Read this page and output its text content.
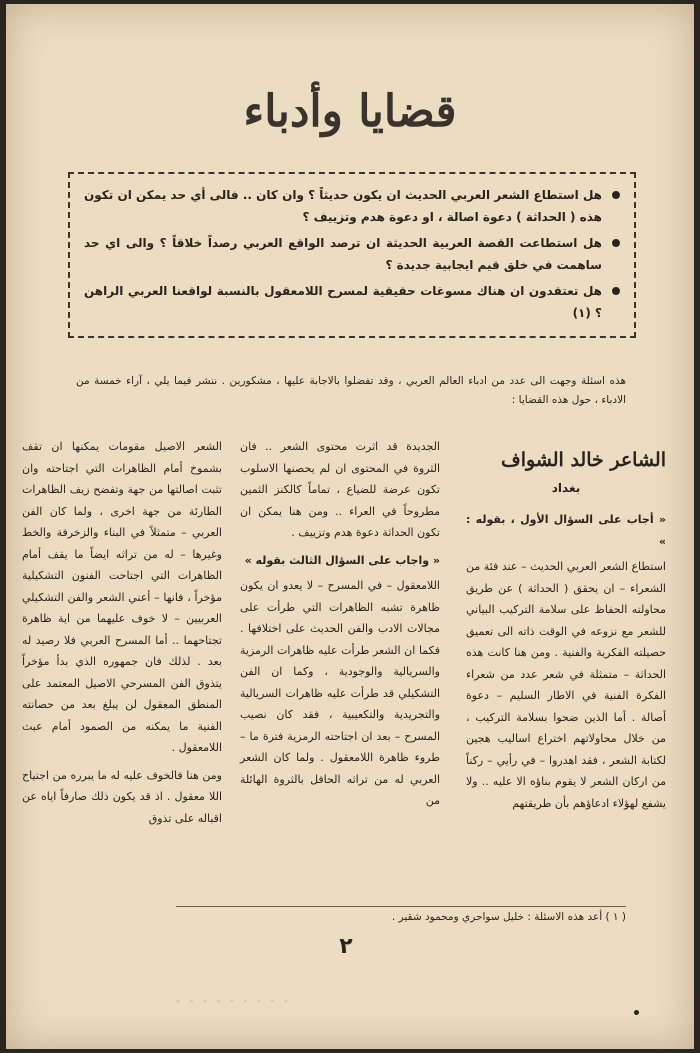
قضايا وأدباء
هل استطاع الشعر العربي الحديث ان يكون حديثاً ؟ وان كان .. فالى أي حد يمكن ان تكون هذه ( الحداثة ) دعوة اصالة ، او دعوة هدم وتزييف ؟
هل استطاعت القصة العربية الحديثة ان ترصد الواقع العربي رصداً خلاقاً ؟ والى اي حد ساهمت في خلق قيم ايجابية جديدة ؟
هل تعتقدون ان هناك مسوغات حقيقية لمسرح اللامعقول بالنسبة لواقعنا العربي الراهن ؟ (١)
هذه اسئلة وجهت الى عدد من ادباء العالم العربي ، وقد تفضلوا بالاجابة عليها ، مشكورين . ننشر فيما يلي ، آراء خمسة من الادباء ، حول هذه القضايا :
الشاعر خالد الشواف
بغداد
« أجاب على السؤال الأول ، بقوله : »

استطاع الشعر العربي الحديث – عند فئة من الشعراء – ان يحقق ( الحداثة ) عن طريق محاولته الحفاظ على سلامة التركيب البياني للشعر مع نزوعه في الوقت ذاته الى تعميق حصيلته الفكرية والفنية . ومن هنا كانت هذه الحداثة – متمثلة في شعر عدد من شعراء الفكرة الفنية في الاطار السليم – دعوة أصالة . أما الذين ضحوا بسلامة التركيب ، من خلال محاولاتهم اختراع اساليب هجين لكتابة الشعر ، فقد اهدروا – في رأيي – ركناً من اركان الشعر لا يقوم بناؤه الا عليه .. ولا يشفع لهؤلاء ادعاؤهم بأن طريقتهم

الجديدة قد اثرت محتوى الشعر .. فان الثروة في المحتوى ان لم يحصنها الاسلوب تكون عرضة للضياع ، تماماً كالكنز الثمين مطروحاً في العراء .. ومن هنا يمكن ان تكون الحداثة دعوة هدم وتزييف .

« واجاب على السؤال الثالث بقوله »

اللامعقول – في المسرح – لا يعدو ان يكون ظاهرة تشبه الظاهرات التي طرأت على مجالات الادب والفن الحديث على اختلافها . فكما ان الشعر طرأت عليه ظاهرات الرمزية والسريالية والوجودية ، وكما ان الفن التشكيلي قد طرأت عليه ظاهرات السريالية والتجريدية والتكعيبية ، فقد كان نصيب المسرح – بعد ان اجتاحته الرمزية فترة ما – طروء ظاهرة اللامعقول . ولما كان الشعر العربي له من تراثه الحافل بالثروة الهائلة من

الشعر الاصيل مقومات يمكنها ان تقف بشموخ أمام الظاهرات التي اجتاحته وان تثبت اصالتها من جهة وتفضح زيف الظاهرات الطارئة من جهة اخرى ، ولما كان الفن العربي – متمثلاً في البناء والزخرفة والخط وغيرها – له من تراثه ايضاً ما يقف أمام الظاهرات التي اجتاحت الفنون التشكيلية مؤخراً ، فانها – أعني الشعر والفن التشكيلي العربيين – لا خوف عليهما من اية ظاهرة تجتاحهما .. أما المسرح العربي فلا رصيد له بعد . لذلك فان جمهوره الذي بدأ مؤخراً يتذوق الفن المسرحي الاصيل المعتمد على المنطق المعقول لن يبلغ بعد من حصانته الفنية ما يمكنه من الصمود أمام عبث اللامعقول .

ومن هنا فالخوف عليه له ما يبرره من اجتياح اللا معقول . اذ قد يكون ذلك صارفاً اياه عن اقباله على تذوق

( ١ ) أعد هذه الاسئلة : خليل سواحري ومحمود شقير .
٢
- - - - - - - - -
